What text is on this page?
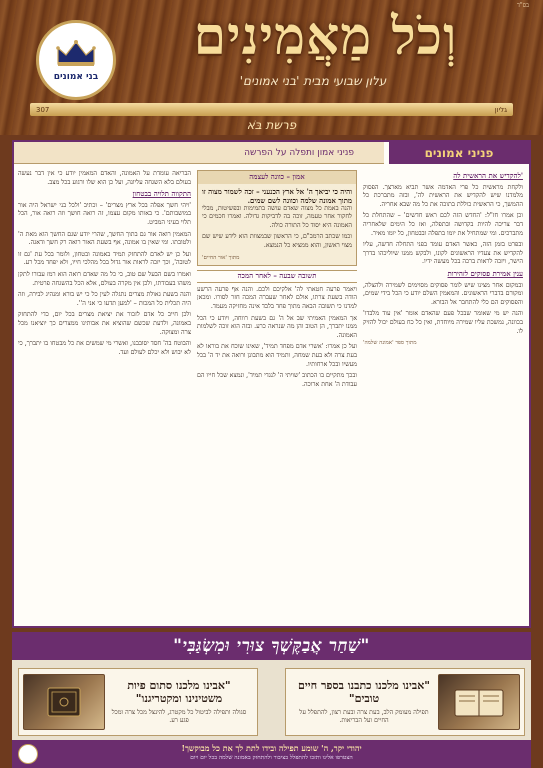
בס"ד
בני אמונים
וְכֹל מַאֲמִינִים
עלון שבועי מבית 'בני אמונים'
גליון
307
פרשת בֹּא
פניני אמונים
פניני אמון ותפלה על הפרשה
'להקדיש את הראשית לה

ולקחת מראשית כל פרי האדמה אשר תביא מארצך. הפסוק מלמדנו שיש להקדיש את הראשית לה', ובזה מתברכת כל ההמשך, כי הראשית כוללת בתוכה את כל מה שבא אחריה.

וכן אמרו חז"ל: 'החדש הזה לכם ראש חדשים' – שהתחלת כל דבר צריכה להיות בקדושה ובתפלה, ואז כל הימים שלאחריה מתברכים. ומי שמתחיל את יומו בתפלה ובבטחון, כל יומו מאיר.

ובפרט בזמן הזה, כאשר האדם עומד בפני התחלה חדשה, עליו להקדיש את צעדיו הראשונים לקונו, ולבקש ממנו שיוליכהו בדרך הישר, ויזכה לראות ברכה בכל מעשה ידיו.

ענין אמירת פסוקים לזהירות

ובמקום אחר מצינו שיש לומר פסוקים מסוימים לשמירה ולהצלה, ומקורם בדברי הראשונים. והמאמין השלם יודע כי הכל בידי שמים, והפסוקים הם כלי להתחבר אל הבורא.

והנה יש מי שאומר שבכל פעם שהאדם אומר 'אין עוד מלבדו' בכוונה, נמשכת עליו שמירה מיוחדת, ואין כל כח בעולם יכול להזיק לו.

מתוך ספר 'אמונה שלמה'
אמון – כוונה לעצמה
והיה כי יביאך ה' אל ארץ הכנעני – זכה לשמור מצוה זו מתוך אמונה שלמה וכוונה לשם שמים.

והנה באמת כל מצוה שאדם עושה בתמימות ובפשיטות, מבלי לחקור אחר טעמה, זוכה בה לדביקות גדולה. ואמרו חכמים כי האמונה היא יסוד כל התורה כולה.

וכמו שכתב הרמב"ם, כי הראשון שבמצוות הוא לידע שיש שם מצוי ראשון, והוא ממציא כל הנמצא.

מתוך 'אור החיים'
תשובה שבעה – לאחר המכה

ויאמר פרעה חטאתי לה' אלקיכם ולכם. והנה אף פרעה הרשע הודה בשעת צרתו, אולם לאחר שעברה המכה חזר לסורו. ומכאן למדנו כי תשובה הבאה מתוך פחד בלבד אינה מחזיקה מעמד.

אך המאמין האמיתי שב אל ה' גם בשעת רווחה, ויודע כי הכל ממנו יתברך, הן הטוב והן מה שנראה כרע. ובזה הוא זוכה לשלמות האמונה.

ועל כן אמרו: 'אשרי אדם מפחד תמיד', שאינו שוכח את בוראו לא בעת צרה ולא בעת שמחה, ותמיד הוא מתבונן ורואה את יד ה' בכל מעשיו ובכל ארחותיו.

ובכך מתקיים בו הכתוב 'שויתי ה' לנגדי תמיד', ונמצא שכל חייו הם עבודת ה' אחת ארוכה.

הבריאה עומדת על האמונה, והאדם המאמין יודע כי אין דבר נעשה בעולם בלא השגחה עליונה, ועל כן הוא שלו ורגוע בכל מצב.

התקווה תלויה בבטחון

'ויהי חשך אפלה בכל ארץ מצרים' – וכתיב 'ולכל בני ישראל היה אור במושבותם'. כי באותו מקום עצמו, זה רואה חושך וזה רואה אור, הכל תלוי בעיני המביט.

המאמין רואה אור גם בתוך החשך, שהרי יודע שגם החשך הוא מאת ה' ולטובתו. ומי שאין בו אמונה, אף בשעת האור רואה רק חשך ודאגה.

ועל כן יש לאדם להתחזק תמיד באמונה ובטחון, ולומר בכל עת 'גם זו לטובה', וכך יזכה לראות אור גדול בכל מהלכי חייו, ולא יפחד מכל רע.

ואמרו בשם הבעל שם טוב, כי כל מה שאדם רואה הוא רמז עבורו לתקן משהו בעבודתו, ולכן אין מקרה בעולם, אלא הכל בהשגחה פרטית.

והנה בשעת גאולת מצרים נתגלה לעין כל כי יש בורא ומנהיג לבירה, וזה היה תכלית כל המכות – 'למען תדעו כי אני ה''.

ולכן חייב כל אדם לזכור את יציאת מצרים בכל יום, כדי להתחזק באמונה, ולדעת שכשם שהוציא את אבותינו ממצרים כך יוציאנו מכל צרה ומצוקה.

והבוטח בה' חסד יסובבנו, ואשרי מי שמשים את כל מבטחו בו יתברך, כי לא יבוש ולא יכלם לעולם ועד.

"שַׁחַר אֲבַקֶּשְׁךָ צוּרִי וּמִשְׂגַּבִּי"
"אבינו מלכנו כתבנו בספר חיים טובים"
תפילה מעומק הלב, בעת צרה ובעת רצון, להתפלל על החיים ועל הבריאות.
"אבינו מלכנו סתום פיות משטינינו ומקטריגנו"
סגולה ותפילה לביטול כל מקטרג, להינצל מכל צרה ומכל פגע רע.
יהודי יקר, ה' שומע תפילה ובידו לתת לך את כל מבוקשך!
הצטרפו אלינו ותזכו להתפלל בציבור ולהתחזק באמונה שלמה בכל יום ויום
